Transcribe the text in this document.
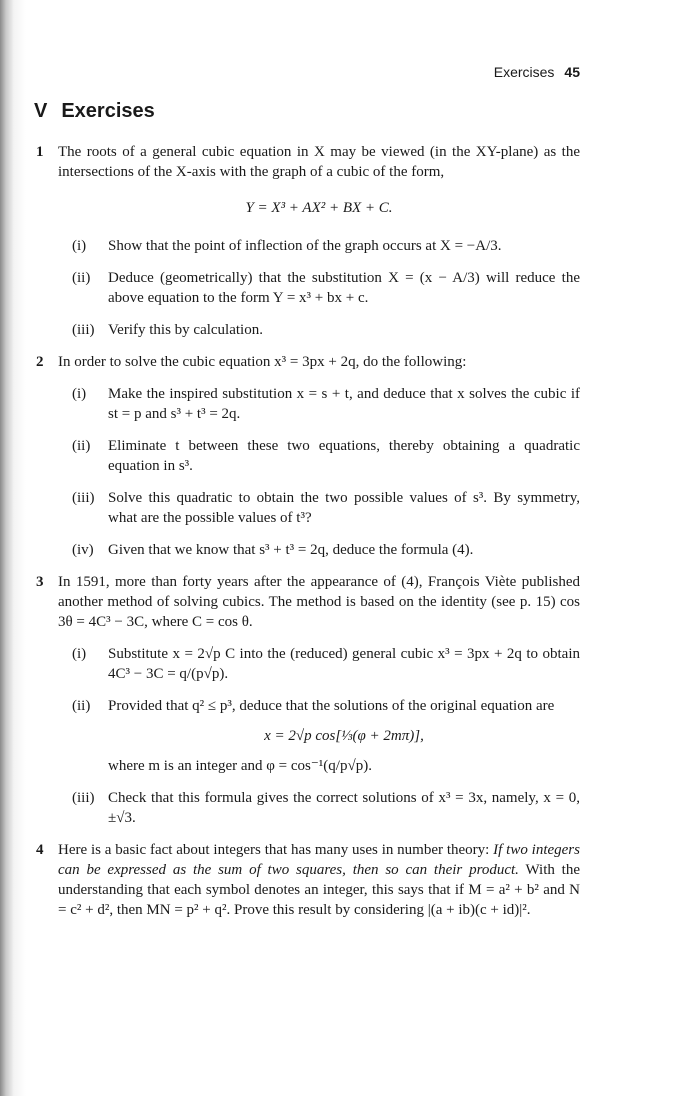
Exercises 45
V Exercises
1 The roots of a general cubic equation in X may be viewed (in the XY-plane) as the intersections of the X-axis with the graph of a cubic of the form,

Y = X³ + AX² + BX + C.
(i) Show that the point of inflection of the graph occurs at X = −A/3.
(ii) Deduce (geometrically) that the substitution X = (x − A/3) will reduce the above equation to the form Y = x³ + bx + c.
(iii) Verify this by calculation.
2 In order to solve the cubic equation x³ = 3px + 2q, do the following:

(i) Make the inspired substitution x = s + t, and deduce that x solves the cubic if st = p and s³ + t³ = 2q.
(ii) Eliminate t between these two equations, thereby obtaining a quadratic equation in s³.
(iii) Solve this quadratic to obtain the two possible values of s³. By symmetry, what are the possible values of t³?
(iv) Given that we know that s³ + t³ = 2q, deduce the formula (4).
3 In 1591, more than forty years after the appearance of (4), François Viète published another method of solving cubics. The method is based on the identity (see p. 15) cos 3θ = 4C³ − 3C, where C = cos θ.

(i) Substitute x = 2√p C into the (reduced) general cubic x³ = 3px + 2q to obtain 4C³ − 3C = q/(p√p).
(ii) Provided that q² ≤ p³, deduce that the solutions of the original equation are
x = 2√p cos[⅓(φ + 2mπ)],
where m is an integer and φ = cos⁻¹(q/p√p).
(iii) Check that this formula gives the correct solutions of x³ = 3x, namely, x = 0, ±√3.
4 Here is a basic fact about integers that has many uses in number theory: If two integers can be expressed as the sum of two squares, then so can their product. With the understanding that each symbol denotes an integer, this says that if M = a² + b² and N = c² + d², then MN = p² + q². Prove this result by considering |(a + ib)(c + id)|².
